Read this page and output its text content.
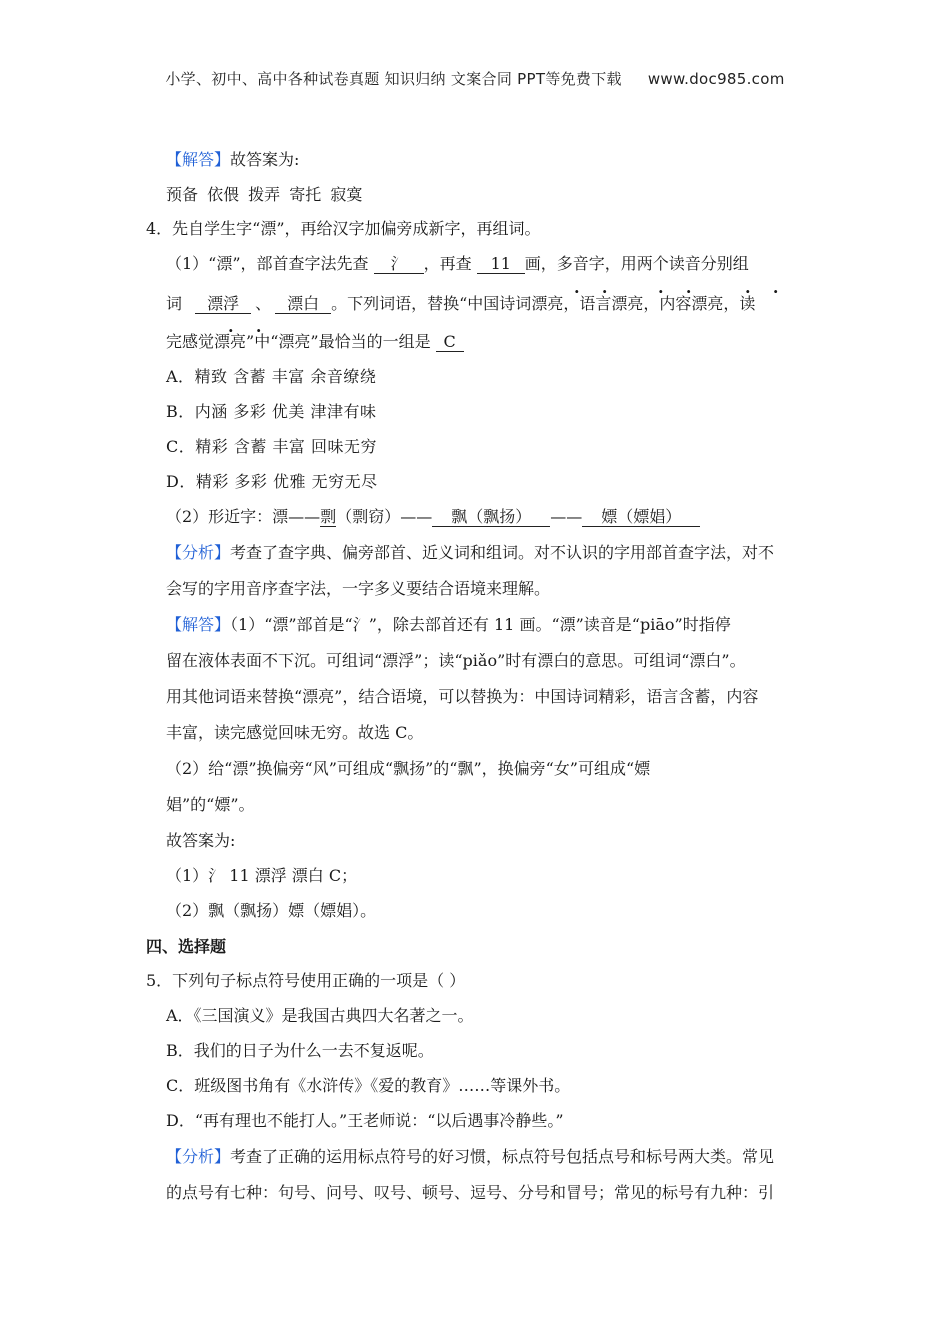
小学、初中、高中各种试卷真题 知识归纳 文案合同 PPT等免费下载 www.doc985.com
【解答】故答案为:
预备 依偎 拨弄 寄托 寂寞
4．先自学生字“漂”，再给汉字加偏旁成新字，再组词。
（1）“漂”，部首查字法先查 氵 ，再查 11 画，多音字，用两个读音分别组
词 漂浮 、 漂白 。下列词语，替换“中国诗词漂亮，语言漂亮，内容漂亮，读
.    .	.    .	.    .
.    .
完感觉漂亮”中“漂亮”最恰当的一组是 C
A．精致 含蓄 丰富 余音缭绕
B．内涵 多彩 优美 津津有味
C．精彩 含蓄 丰富 回味无穷
D．精彩 多彩 优雅 无穷无尽
（2）形近字：漂——剽（剽窃）—— 飘（飘扬） —— 嫖（嫖娼）
【分析】考查了查字典、偏旁部首、近义词和组词。对不认识的字用部首查字法，对不
会写的字用音序查字法，一字多义要结合语境来理解。
【解答】（1）“漂”部首是“氵”，除去部首还有 11 画。“漂”读音是“piāo”时指停
留在液体表面不下沉。可组词“漂浮”；读“piǎo”时有漂白的意思。可组词“漂白”。
用其他词语来替换“漂亮”，结合语境，可以替换为：中国诗词精彩，语言含蓄，内容
丰富，读完感觉回味无穷。故选 C。
（2）给“漂”换偏旁“风”可组成“飘扬”的“飘”，换偏旁“女”可组成“嫖
娼”的“嫖”。
故答案为:
（1）氵 11 漂浮 漂白 C；
（2）飘（飘扬）嫖（嫖娼）。
四、选择题
5．下列句子标点符号使用正确的一项是（ ）
A．《三国演义》是我国古典四大名著之一。
B．我们的日子为什么一去不复返呢。
C．班级图书角有《水浒传》《爱的教育》……等课外书。
D．“再有理也不能打人。”王老师说：“以后遇事冷静些。”
【分析】考查了正确的运用标点符号的好习惯，标点符号包括点号和标号两大类。常见
的点号有七种：句号、问号、叹号、顿号、逗号、分号和冒号；常见的标号有九种：引
